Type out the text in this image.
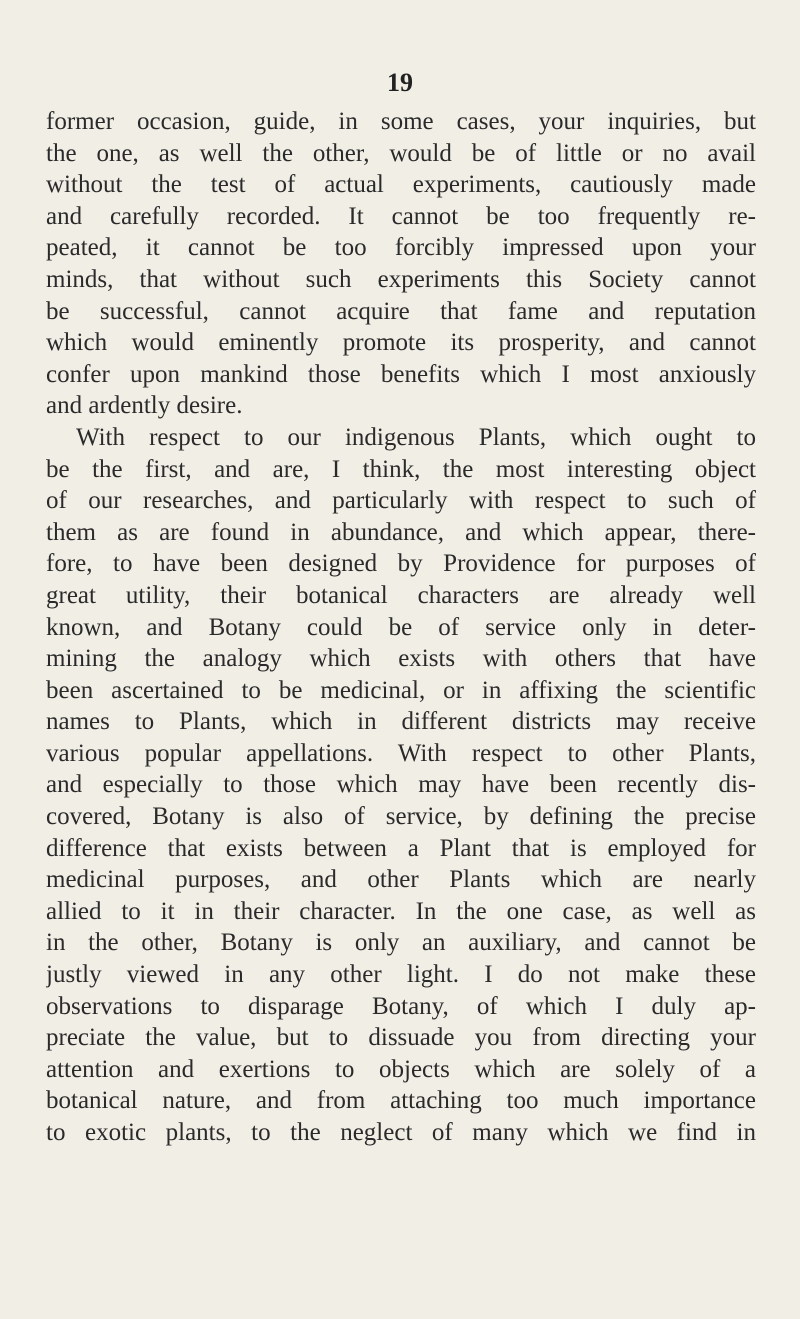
19
former occasion, guide, in some cases, your inquiries, but
the one, as well the other, would be of little or no avail
without the test of actual experiments, cautiously made
and carefully recorded. It cannot be too frequently re-
peated, it cannot be too forcibly impressed upon your
minds, that without such experiments this Society cannot
be successful, cannot acquire that fame and reputation
which would eminently promote its prosperity, and cannot
confer upon mankind those benefits which I most anxiously
and ardently desire.
With respect to our indigenous Plants, which ought to
be the first, and are, I think, the most interesting object
of our researches, and particularly with respect to such of
them as are found in abundance, and which appear, there-
fore, to have been designed by Providence for purposes of
great utility, their botanical characters are already well
known, and Botany could be of service only in deter-
mining the analogy which exists with others that have
been ascertained to be medicinal, or in affixing the scientific
names to Plants, which in different districts may receive
various popular appellations. With respect to other Plants,
and especially to those which may have been recently dis-
covered, Botany is also of service, by defining the precise
difference that exists between a Plant that is employed for
medicinal purposes, and other Plants which are nearly
allied to it in their character. In the one case, as well as
in the other, Botany is only an auxiliary, and cannot be
justly viewed in any other light. I do not make these
observations to disparage Botany, of which I duly ap-
preciate the value, but to dissuade you from directing your
attention and exertions to objects which are solely of a
botanical nature, and from attaching too much importance
to exotic plants, to the neglect of many which we find in
